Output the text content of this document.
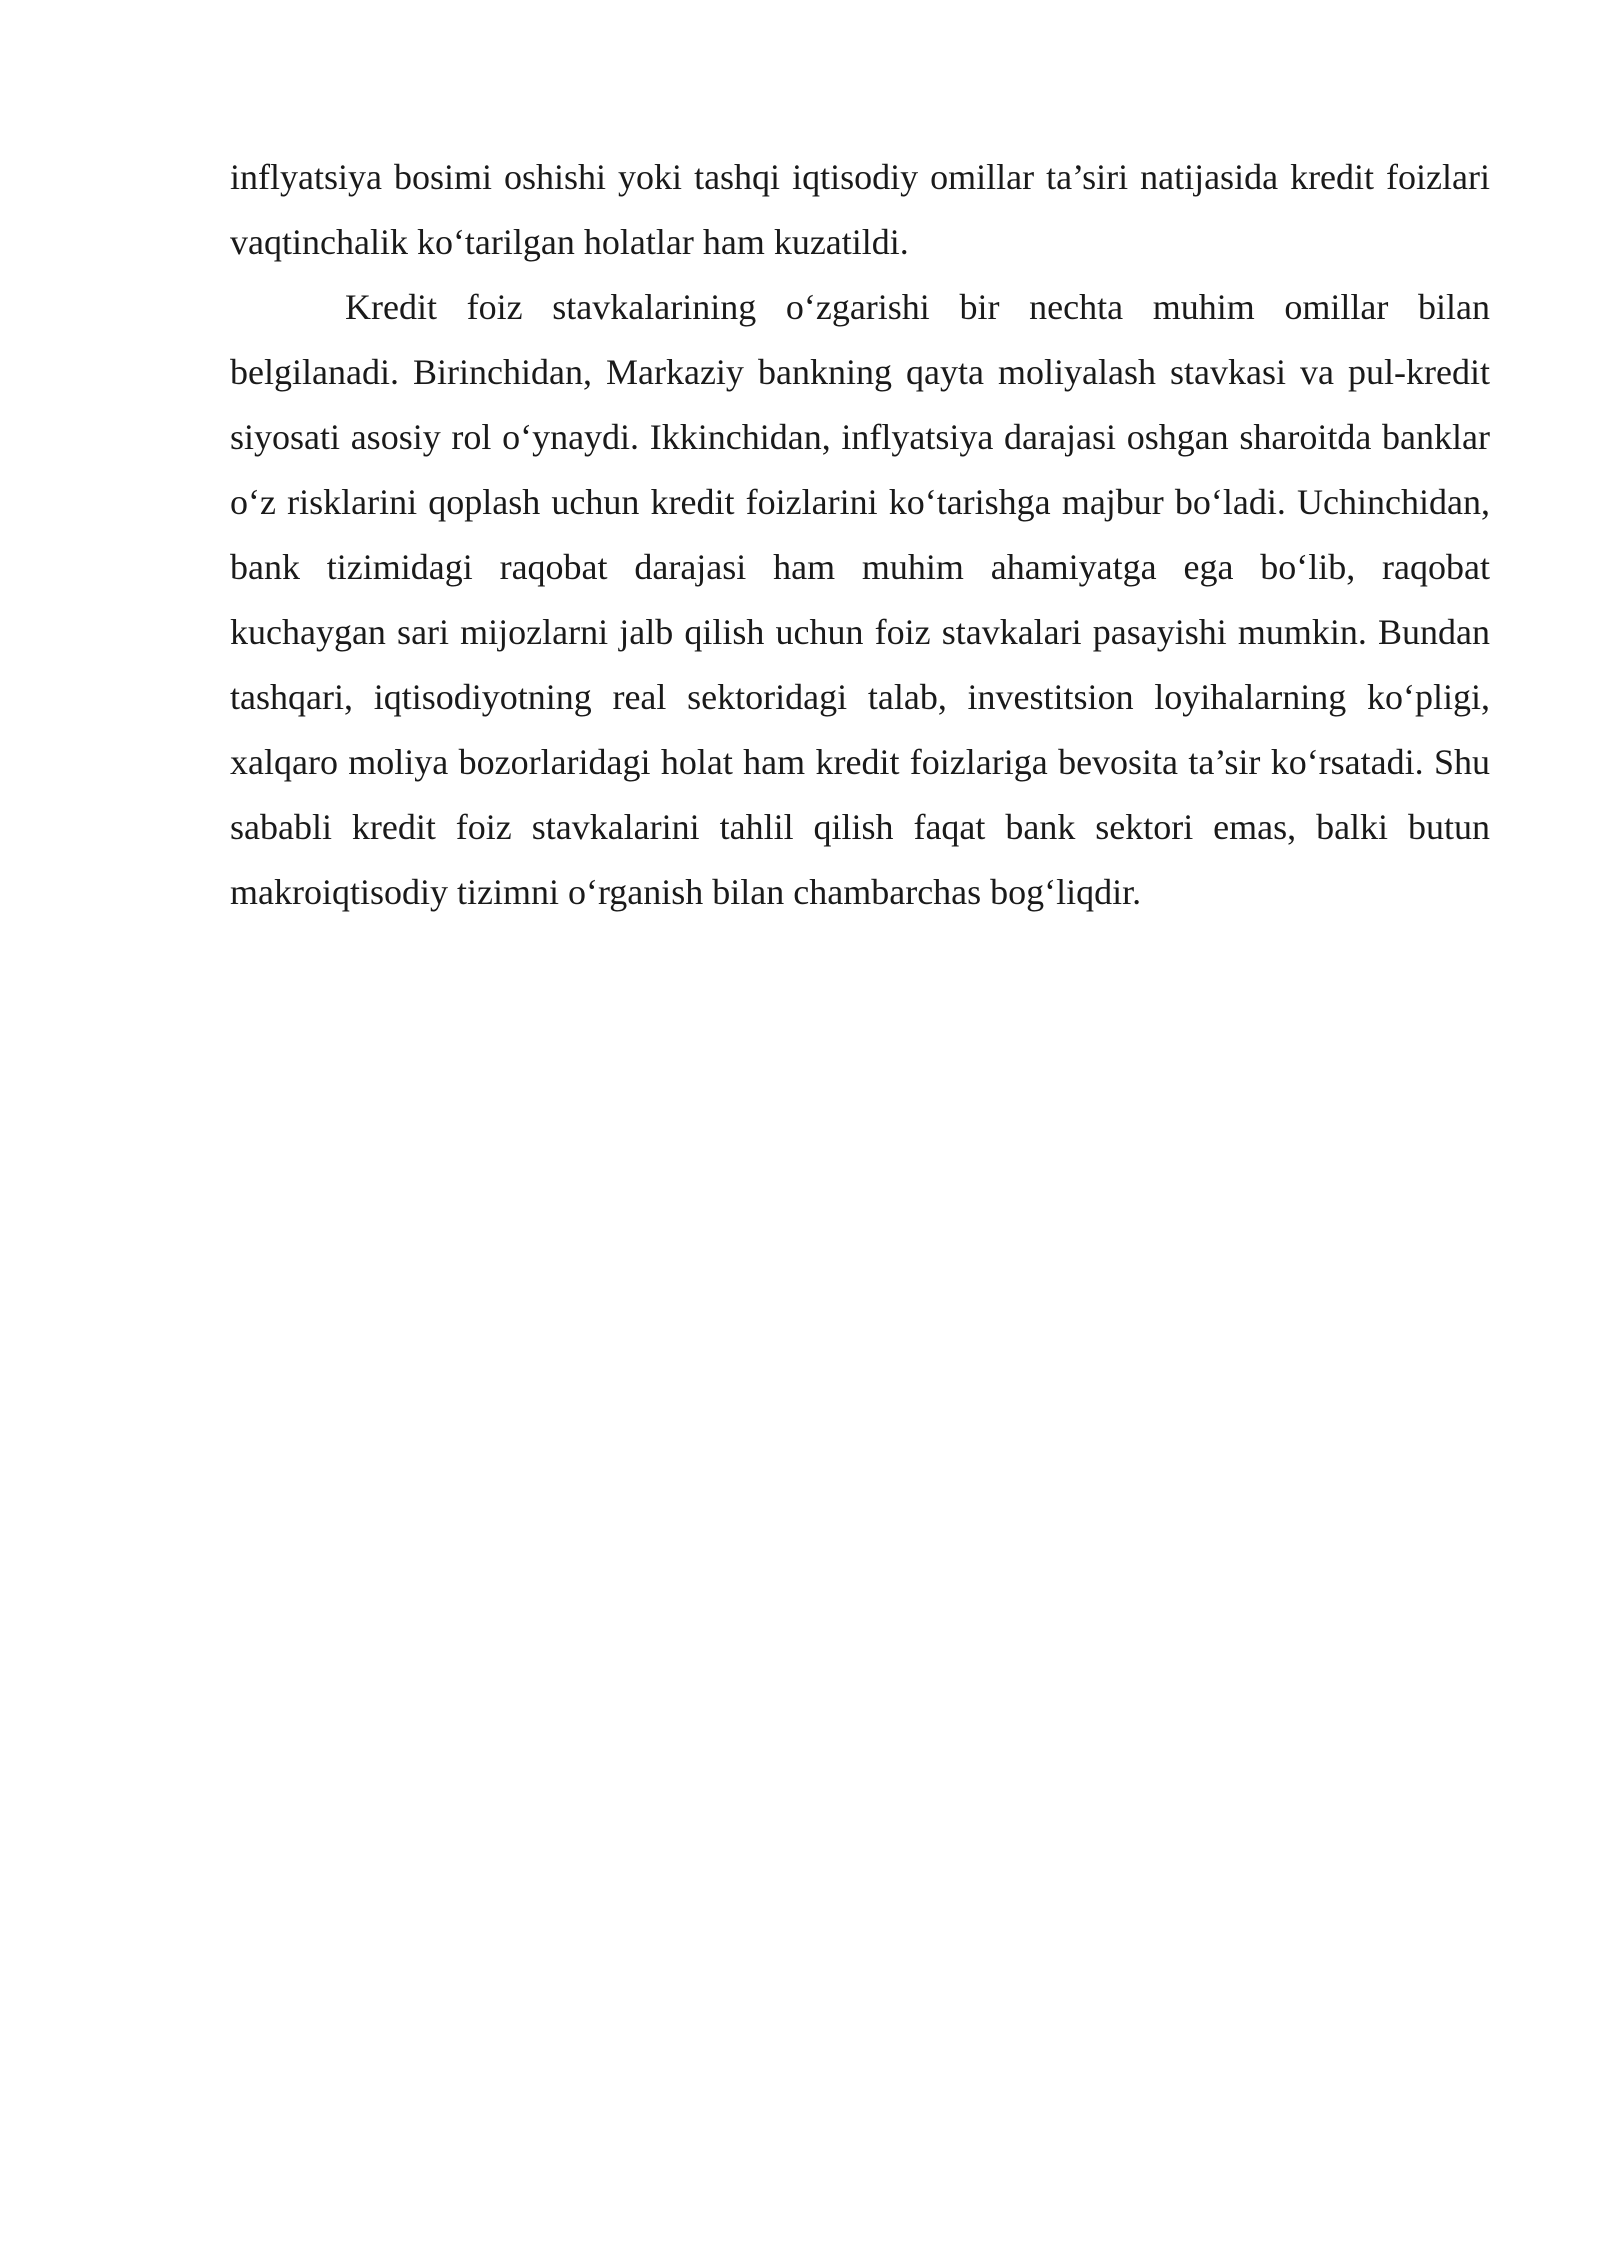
inflyatsiya bosimi oshishi yoki tashqi iqtisodiy omillar ta’siri natijasida kredit foizlari vaqtinchalik ko‘tarilgan holatlar ham kuzatildi.

Kredit foiz stavkalarining o‘zgarishi bir nechta muhim omillar bilan belgilanadi. Birinchidan, Markaziy bankning qayta moliyalash stavkasi va pul-kredit siyosati asosiy rol o‘ynaydi. Ikkinchidan, inflyatsiya darajasi oshgan sharoitda banklar o‘z risklarini qoplash uchun kredit foizlarini ko‘tarishga majbur bo‘ladi. Uchinchidan, bank tizimidagi raqobat darajasi ham muhim ahamiyatga ega bo‘lib, raqobat kuchaygan sari mijozlarni jalb qilish uchun foiz stavkalari pasayishi mumkin. Bundan tashqari, iqtisodiyotning real sektoridagi talab, investitsion loyihalarning ko‘pligi, xalqaro moliya bozorlaridagi holat ham kredit foizlariga bevosita ta’sir ko‘rsatadi. Shu sababli kredit foiz stavkalarini tahlil qilish faqat bank sektori emas, balki butun makroiqtisodiy tizimni o‘rganish bilan chambarchas bog‘liqdir.
